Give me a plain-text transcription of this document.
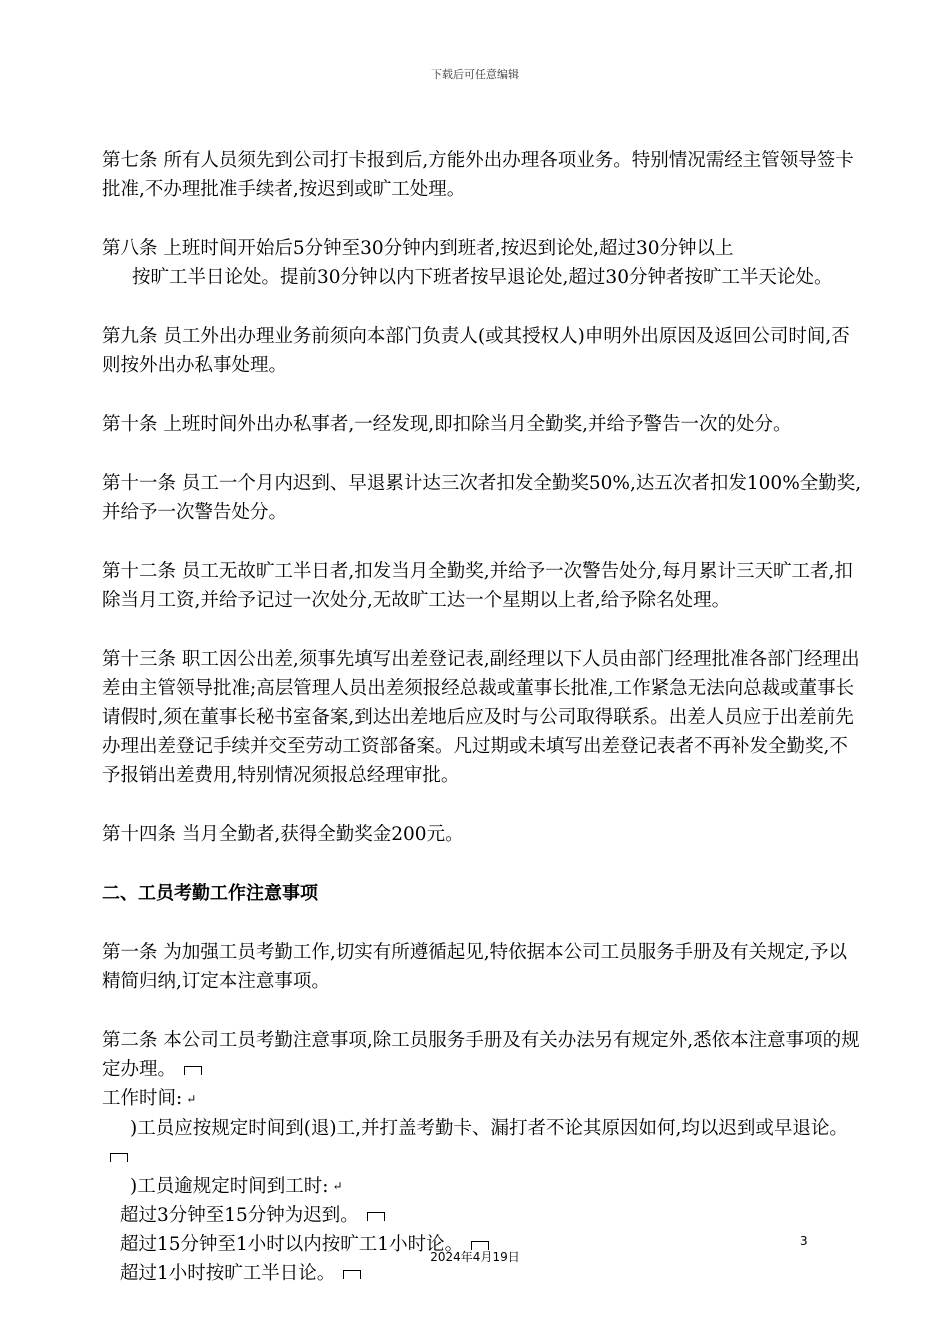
下载后可任意编辑

第七条 所有人员须先到公司打卡报到后,方能外出办理各项业务。特别情况需经主管领导签卡批准,不办理批准手续者,按迟到或旷工处理。

第八条 上班时间开始后5分钟至30分钟内到班者,按迟到论处,超过30分钟以上
按旷工半日论处。提前30分钟以内下班者按早退论处,超过30分钟者按旷工半天论处。

第九条 员工外出办理业务前须向本部门负责人(或其授权人)申明外出原因及返回公司时间,否则按外出办私事处理。

第十条 上班时间外出办私事者,一经发现,即扣除当月全勤奖,并给予警告一次的处分。

第十一条 员工一个月内迟到、早退累计达三次者扣发全勤奖50%,达五次者扣发100%全勤奖,并给予一次警告处分。

第十二条 员工无故旷工半日者,扣发当月全勤奖,并给予一次警告处分,每月累计三天旷工者,扣除当月工资,并给予记过一次处分,无故旷工达一个星期以上者,给予除名处理。

第十三条 职工因公出差,须事先填写出差登记表,副经理以下人员由部门经理批准各部门经理出差由主管领导批准;高层管理人员出差须报经总裁或董事长批准,工作紧急无法向总裁或董事长请假时,须在董事长秘书室备案,到达出差地后应及时与公司取得联系。出差人员应于出差前先办理出差登记手续并交至劳动工资部备案。凡过期或未填写出差登记表者不再补发全勤奖,不予报销出差费用,特别情况须报总经理审批。

第十四条 当月全勤者,获得全勤奖金200元。

二、工员考勤工作注意事项

第一条 为加强工员考勤工作,切实有所遵循起见,特依据本公司工员服务手册及有关规定,予以精简归纳,订定本注意事项。

第二条 本公司工员考勤注意事项,除工员服务手册及有关办法另有规定外,悉依本注意事项的规定办理。

工作时间: ↵

)工员应按规定时间到(退)工,并打盖考勤卡、漏打者不论其原因如何,均以迟到或早退论。

)工员逾规定时间到工时: ↵

超过3分钟至15分钟为迟到。

超过15分钟至1小时以内按旷工1小时论。

超过1小时按旷工半日论。

3
2024年4月19日
